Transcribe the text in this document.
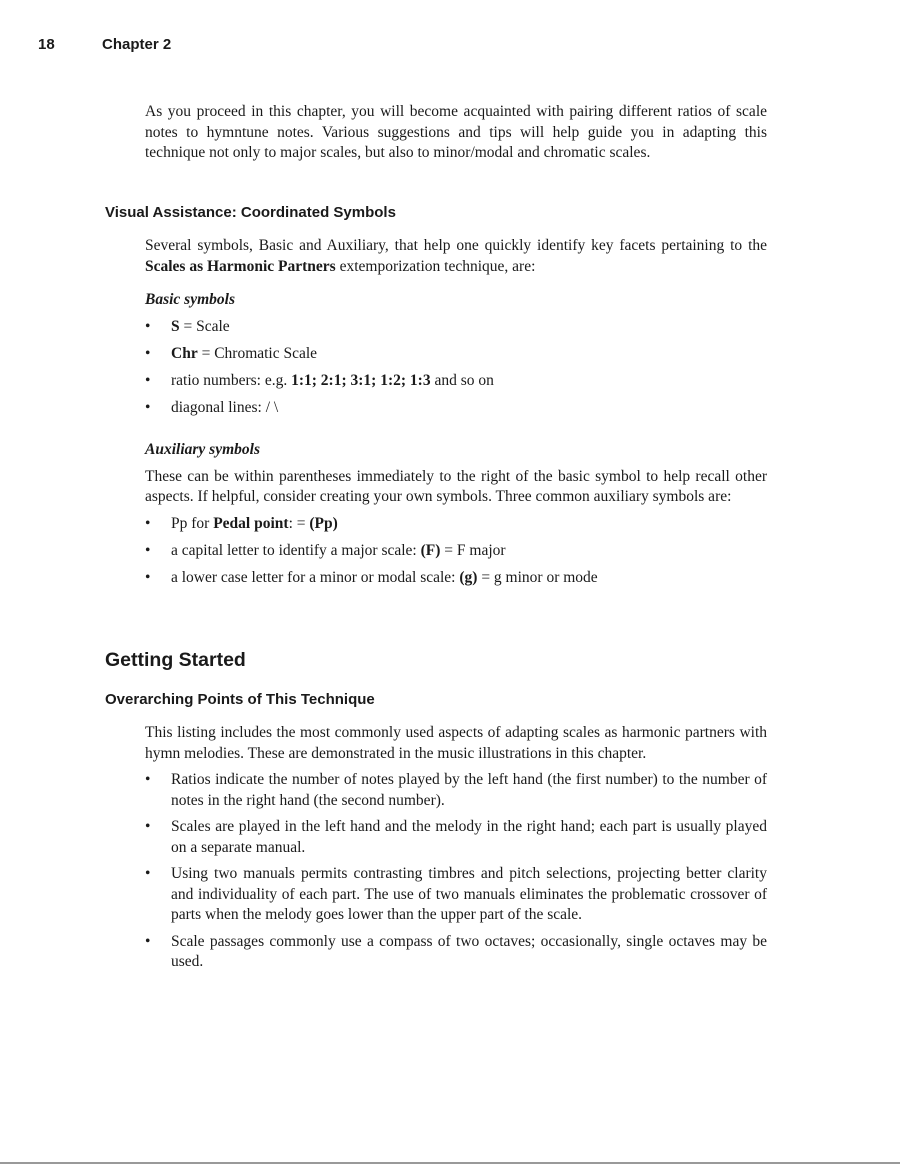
18	Chapter 2
As you proceed in this chapter, you will become acquainted with pairing different ratios of scale notes to hymntune notes. Various suggestions and tips will help guide you in adapting this technique not only to major scales, but also to minor/modal and chromatic scales.
Visual Assistance: Coordinated Symbols
Several symbols, Basic and Auxiliary, that help one quickly identify key facets pertaining to the Scales as Harmonic Partners extemporization technique, are:
Basic symbols
• S = Scale
• Chr = Chromatic Scale
• ratio numbers: e.g. 1:1; 2:1; 3:1; 1:2; 1:3 and so on
• diagonal lines: / \
Auxiliary symbols
These can be within parentheses immediately to the right of the basic symbol to help recall other aspects. If helpful, consider creating your own symbols. Three common auxiliary symbols are:
• Pp for Pedal point: = (Pp)
• a capital letter to identify a major scale: (F) = F major
• a lower case letter for a minor or modal scale: (g) = g minor or mode
Getting Started
Overarching Points of This Technique
This listing includes the most commonly used aspects of adapting scales as harmonic partners with hymn melodies. These are demonstrated in the music illustrations in this chapter.
• Ratios indicate the number of notes played by the left hand (the first number) to the number of notes in the right hand (the second number).
• Scales are played in the left hand and the melody in the right hand; each part is usually played on a separate manual.
• Using two manuals permits contrasting timbres and pitch selections, projecting better clarity and individuality of each part. The use of two manuals eliminates the problematic crossover of parts when the melody goes lower than the upper part of the scale.
• Scale passages commonly use a compass of two octaves; occasionally, single octaves may be used.
